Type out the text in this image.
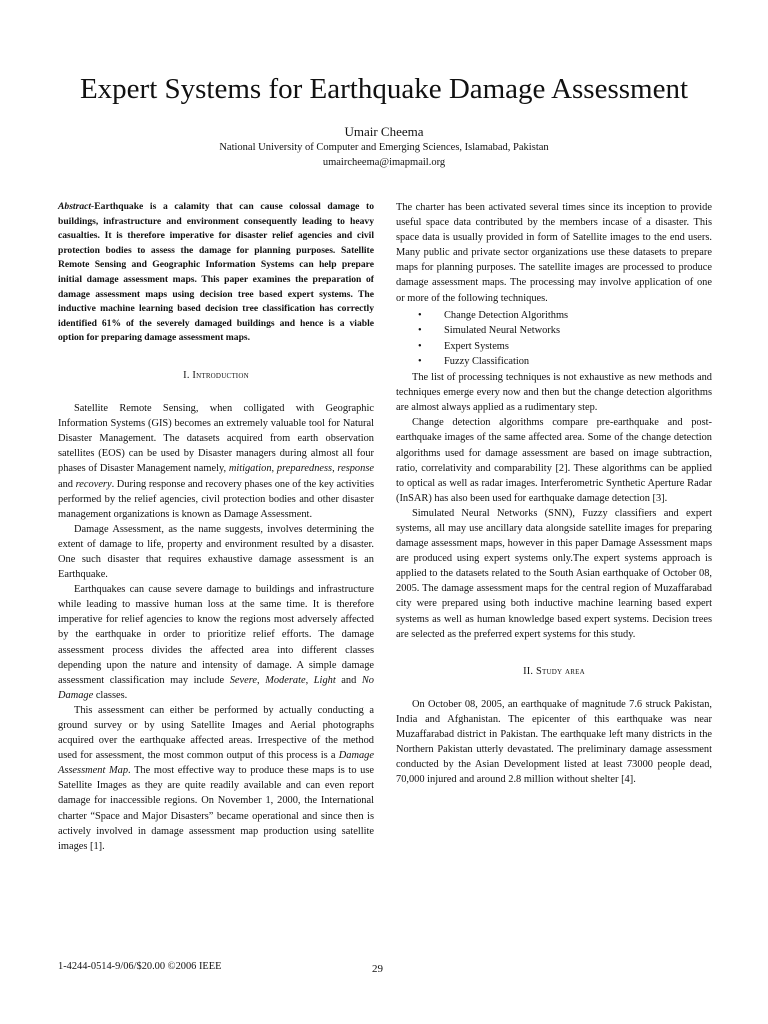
Expert Systems for Earthquake Damage Assessment
Umair Cheema
National University of Computer and Emerging Sciences, Islamabad, Pakistan
umaircheema@imapmail.org

Abstract-Earthquake is a calamity that can cause colossal damage to buildings, infrastructure and environment consequently leading to heavy casualties. It is therefore imperative for disaster relief agencies and civil protection bodies to assess the damage for planning purposes. Satellite Remote Sensing and Geographic Information Systems can help prepare initial damage assessment maps. This paper examines the preparation of damage assessment maps using decision tree based expert systems. The inductive machine learning based decision tree classification has correctly identified 61% of the severely damaged buildings and hence is a viable option for preparing damage assessment maps.

I. Introduction

Satellite Remote Sensing, when colligated with Geographic Information Systems (GIS) becomes an extremely valuable tool for Natural Disaster Management. The datasets acquired from earth observation satellites (EOS) can be used by Disaster managers during almost all four phases of Disaster Management namely, mitigation, preparedness, response and recovery. During response and recovery phases one of the key activities performed by the relief agencies, civil protection bodies and other disaster management organizations is known as Damage Assessment.

Damage Assessment, as the name suggests, involves determining the extent of damage to life, property and environment resulted by a disaster. One such disaster that requires exhaustive damage assessment is an Earthquake.

Earthquakes can cause severe damage to buildings and infrastructure while leading to massive human loss at the same time. It is therefore imperative for relief agencies to know the regions most adversely affected by the earthquake in order to prioritize relief efforts. The damage assessment process divides the affected area into different classes depending upon the nature and intensity of damage. A simple damage assessment classification may include Severe, Moderate, Light and No Damage classes.

This assessment can either be performed by actually conducting a ground survey or by using Satellite Images and Aerial photographs acquired over the earthquake affected areas. Irrespective of the method used for assessment, the most common output of this process is a Damage Assessment Map. The most effective way to produce these maps is to use Satellite Images as they are quite readily available and can even report damage for inaccessible regions. On November 1, 2000, the International charter “Space and Major Disasters” became operational and since then is actively involved in damage assessment map production using satellite images [1].

The charter has been activated several times since its inception to provide useful space data contributed by the members incase of a disaster. This space data is usually provided in form of Satellite images to the end users. Many public and private sector organizations use these datasets to prepare maps for planning purposes. The satellite images are processed to produce damage assessment maps. The processing may involve application of one or more of the following techniques.

• Change Detection Algorithms
• Simulated Neural Networks
• Expert Systems
• Fuzzy Classification

The list of processing techniques is not exhaustive as new methods and techniques emerge every now and then but the change detection algorithms are almost always applied as a rudimentary step.

Change detection algorithms compare pre-earthquake and post-earthquake images of the same affected area. Some of the change detection algorithms used for damage assessment are based on image subtraction, ratio, correlativity and comparability [2]. These algorithms can be applied to optical as well as radar images. Interferometric Synthetic Aperture Radar (InSAR) has also been used for earthquake damage detection [3].

Simulated Neural Networks (SNN), Fuzzy classifiers and expert systems, all may use ancillary data alongside satellite images for preparing damage assessment maps, however in this paper Damage Assessment maps are produced using expert systems only.The expert systems approach is applied to the datasets related to the South Asian earthquake of October 08, 2005. The damage assessment maps for the central region of Muzaffarabad city were prepared using both inductive machine learning based expert systems as well as human knowledge based expert systems. Decision trees are selected as the preferred expert systems for this study.

II. Study area

On October 08, 2005, an earthquake of magnitude 7.6 struck Pakistan, India and Afghanistan. The epicenter of this earthquake was near Muzaffarabad district in Pakistan. The earthquake left many districts in the Northern Pakistan utterly devastated. The preliminary damage assessment conducted by the Asian Development listed at least 73000 people dead, 70,000 injured and around 2.8 million without shelter [4].

1-4244-0514-9/06/$20.00 ©2006 IEEE	29
